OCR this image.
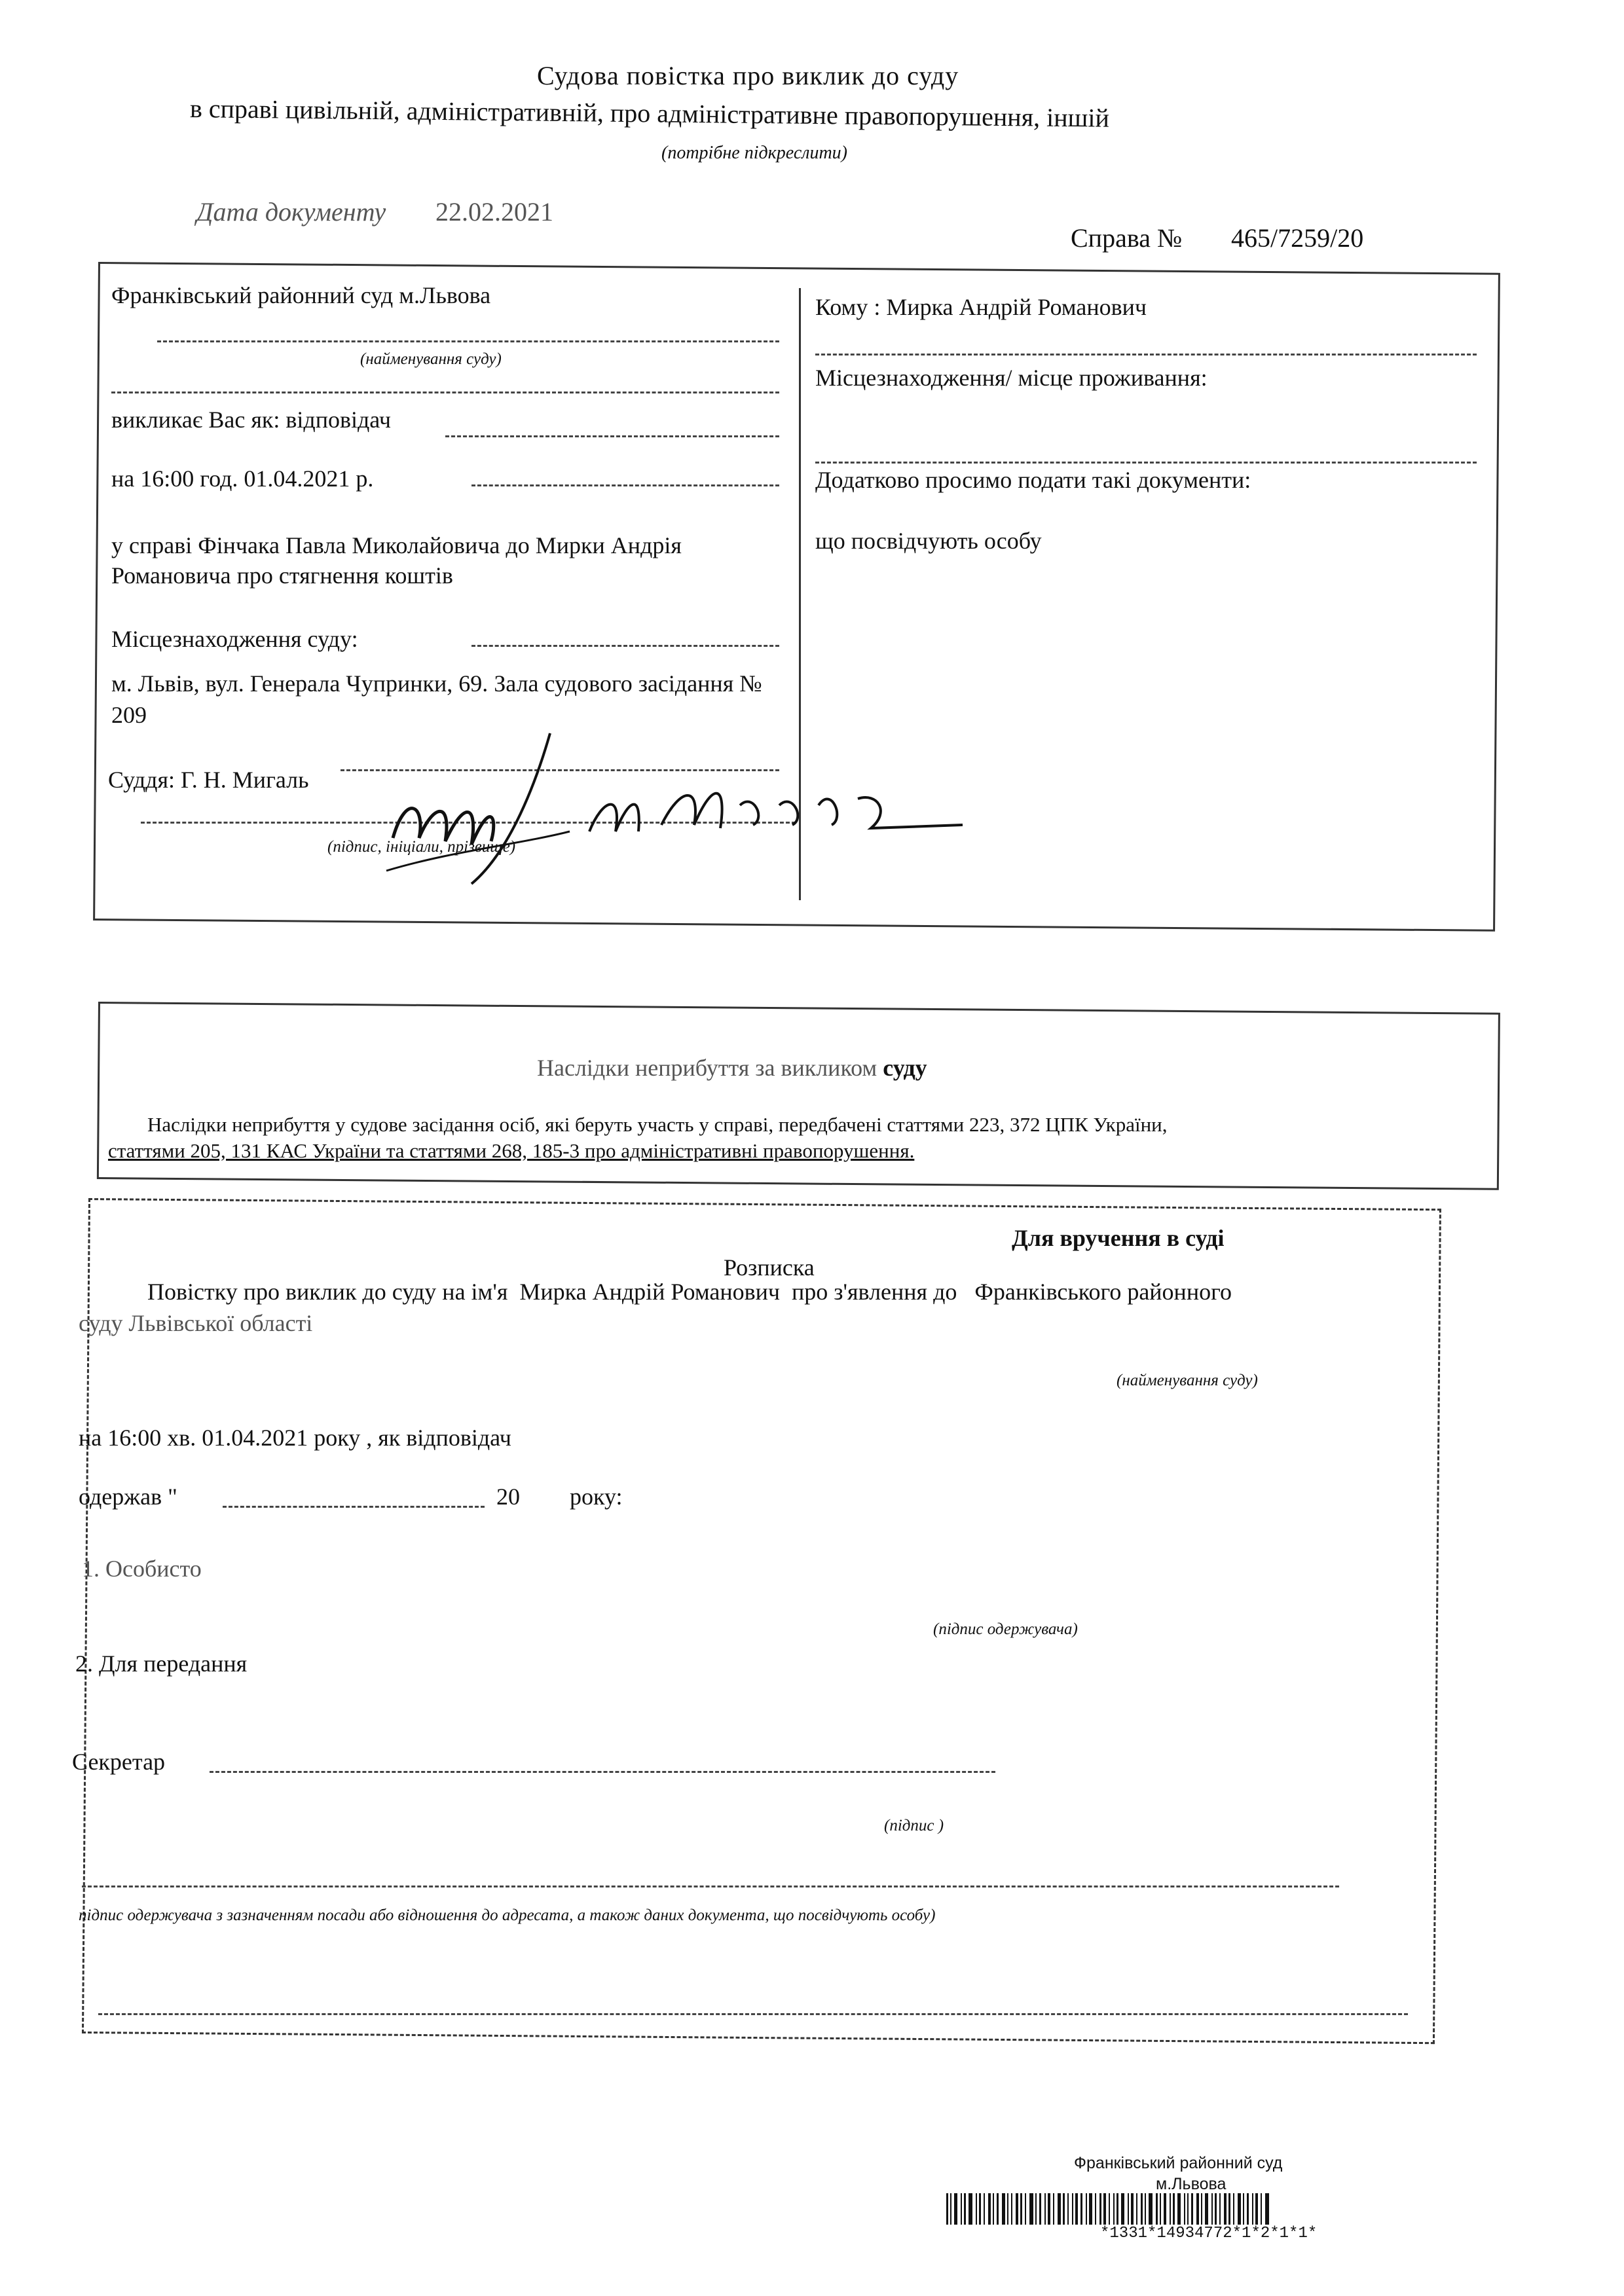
Судова повістка про виклик до суду
в справі цивільній, адміністративній, про адміністративне правопорушення, іншій
(потрібне підкреслити)
Дата документу 22.02.2021
Справа № 465/7259/20
Франківський районний суд м.Львова
(найменування суду)
викликає Вас як: відповідач
на 16:00 год. 01.04.2021 р.
у справі Фінчака Павла Миколайовича до Мирки Андрія Романовича про стягнення коштів
Місцезнаходження суду:
м. Львів, вул. Генерала Чупринки, 69. Зала судового засідання № 209
Суддя: Г. Н. Мигаль
(підпис, ініціали, прізвище)
Кому : Мирка Андрій Романович
Місцезнаходження/ місце проживання:
Додатково просимо подати такі документи:
що посвідчують особу
Наслідки неприбуття за викликом суду
Наслідки неприбуття у судове засідання осіб, які беруть участь у справі, передбачені статтями 223, 372 ЦПК України,
статтями 205, 131 КАС України та статтями 268, 185-3 про адміністративні правопорушення.
Для вручення в суді
Розписка
Повістку про виклик до суду на ім'я Мирка Андрій Романович про з'явлення до Франківського районного
суду Львівської області
(найменування суду)
на 16:00 хв. 01.04.2021 року , як відповідач
одержав "	20 року:
1. Особисто
(підпис одержувача)
2. Для передання
Секретар
(підпис )
підпис одержувача з зазначенням посади або відношення до адресата, а також даних документа, що посвідчують особу)
Франківський районний суд
м.Львова
*1331*14934772*1*2*1*1*
